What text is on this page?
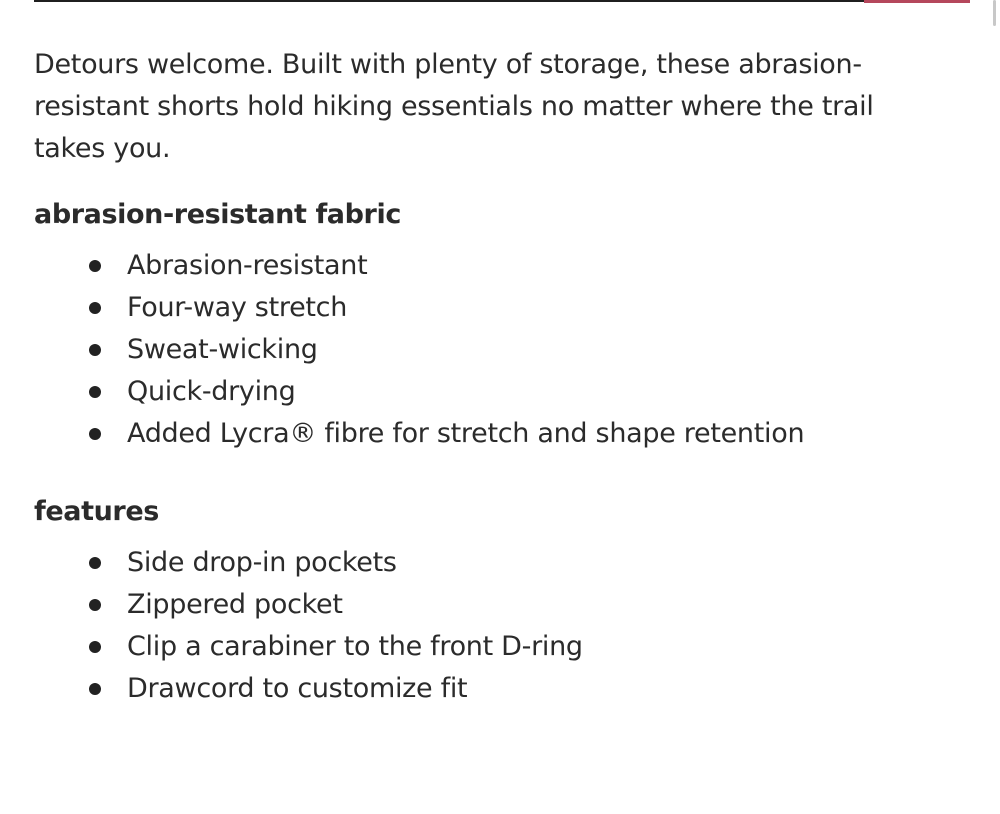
Detours welcome. Built with plenty of storage, these abrasion-resistant shorts hold hiking essentials no matter where the trail takes you.

abrasion-resistant fabric
Abrasion-resistant
Four-way stretch
Sweat-wicking
Quick-drying
Added Lycra® fibre for stretch and shape retention
features
Side drop-in pockets
Zippered pocket
Clip a carabiner to the front D-ring
Drawcord to customize fit
